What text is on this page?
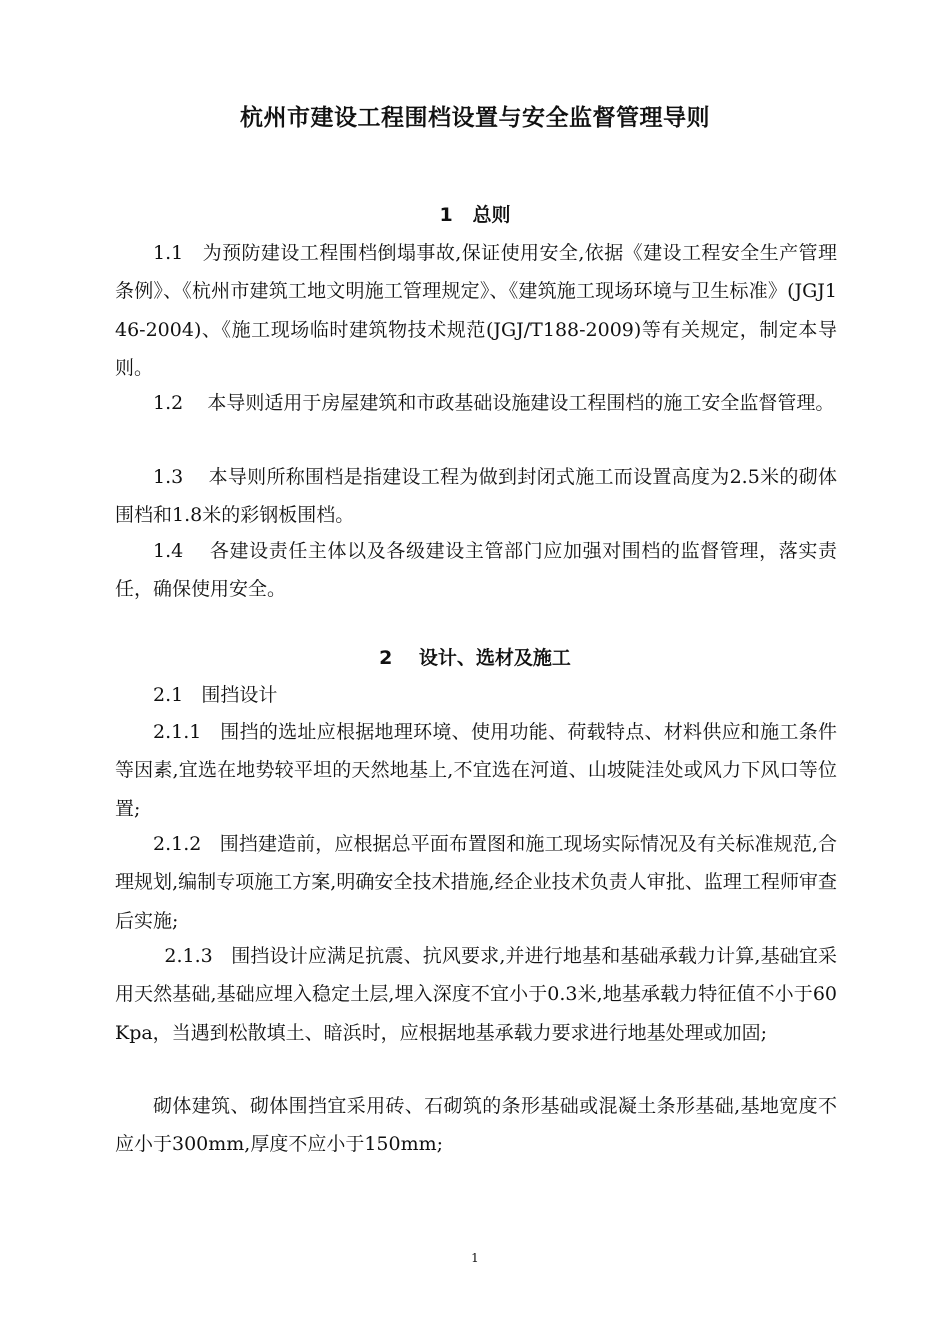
杭州市建设工程围档设置与安全监督管理导则
1   总则

1.1   为预防建设工程围档倒塌事故,保证使用安全,依据《建设工程安全生产管理条例》、《杭州市建筑工地文明施工管理规定》、《建筑施工现场环境与卫生标准》(JGJ146-2004)、《施工现场临时建筑物技术规范(JGJ/T188-2009)等有关规定，制定本导则。

1.2    本导则适用于房屋建筑和市政基础设施建设工程围档的施工安全监督管理。

1.3    本导则所称围档是指建设工程为做到封闭式施工而设置高度为2.5米的砌体围档和1.8米的彩钢板围档。

1.4    各建设责任主体以及各级建设主管部门应加强对围档的监督管理，落实责任，确保使用安全。

2    设计、选材及施工

2.1   围挡设计

2.1.1   围挡的选址应根据地理环境、使用功能、荷载特点、材料供应和施工条件等因素,宜选在地势较平坦的天然地基上,不宜选在河道、山坡陡洼处或风力下风口等位置;

2.1.2   围挡建造前，应根据总平面布置图和施工现场实际情况及有关标准规范,合理规划,编制专项施工方案,明确安全技术措施,经企业技术负责人审批、监理工程师审查后实施;

2.1.3   围挡设计应满足抗震、抗风要求,并进行地基和基础承载力计算,基础宜采用天然基础,基础应埋入稳定土层,埋入深度不宜小于0.3米,地基承载力特征值不小于60Kpa，当遇到松散填土、暗浜时，应根据地基承载力要求进行地基处理或加固;

砌体建筑、砌体围挡宜采用砖、石砌筑的条形基础或混凝土条形基础,基地宽度不应小于300mm,厚度不应小于150mm;

1
